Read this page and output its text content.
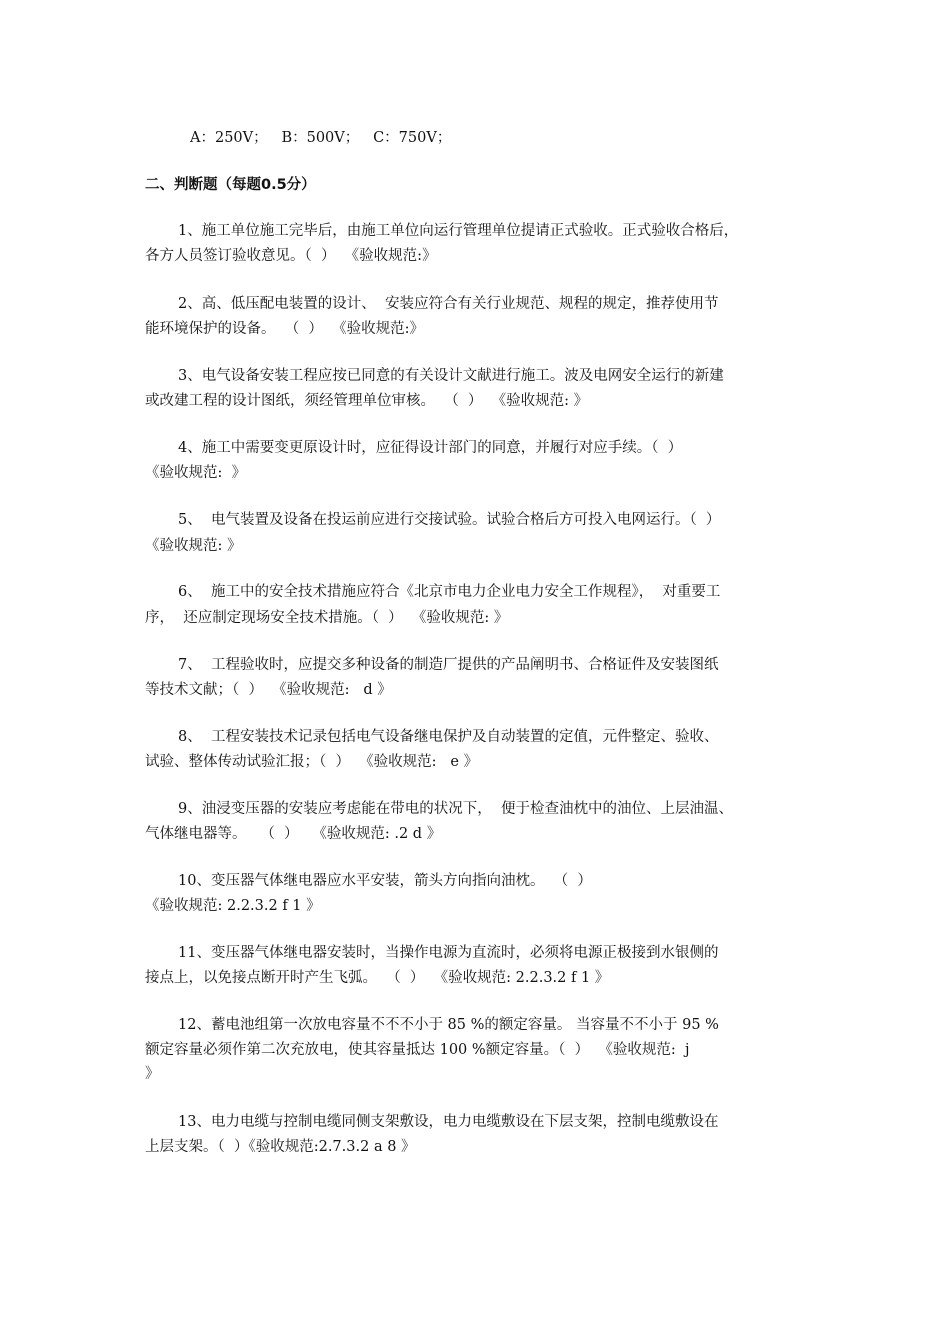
A：250V；   B：500V；   C：750V；
二、判断题（每题0.5分）
1、施工单位施工完毕后，由施工单位向运行管理单位提请正式验收。正式验收合格后，
各方人员签订验收意见。（  ）  《验收规范:》
2、高、低压配电装置的设计、  安装应符合有关行业规范、规程的规定，推荐使用节
能环境保护的设备。  （  ）  《验收规范:》
3、电气设备安装工程应按已同意的有关设计文献进行施工。波及电网安全运行的新建
或改建工程的设计图纸，须经管理单位审核。  （  ）  《验收规范: 》
4、施工中需要变更原设计时，应征得设计部门的同意，并履行对应手续。（  ）
《验收规范:  》
5、  电气装置及设备在投运前应进行交接试验。试验合格后方可投入电网运行。（  ）
《验收规范: 》
6、  施工中的安全技术措施应符合《北京市电力企业电力安全工作规程》，  对重要工
序，  还应制定现场安全技术措施。（  ）  《验收规范: 》
7、  工程验收时，应提交多种设备的制造厂提供的产品阐明书、合格证件及安装图纸
等技术文献；（  ）  《验收规范:   d 》
8、  工程安装技术记录包括电气设备继电保护及自动装置的定值，元件整定、验收、
试验、整体传动试验汇报；（  ）  《验收规范:   e 》
9、油浸变压器的安装应考虑能在带电的状况下，  便于检查油枕中的油位、上层油温、
气体继电器等。   （  ）   《验收规范: .2 d 》
10、变压器气体继电器应水平安装，箭头方向指向油枕。  （  ）
《验收规范: 2.2.3.2 f 1 》
11、变压器气体继电器安装时，当操作电源为直流时，必须将电源正极接到水银侧的
接点上，以免接点断开时产生飞弧。  （  ）  《验收规范: 2.2.3.2 f 1 》
12、蓄电池组第一次放电容量不不不小于 85 %的额定容量。 当容量不不小于 95 %
额定容量必须作第二次充放电，使其容量抵达 100 %额定容量。（  ）  《验收规范:  j
》
13、电力电缆与控制电缆同侧支架敷设，电力电缆敷设在下层支架，控制电缆敷设在
上层支架。（  ）《验收规范:2.7.3.2 a 8 》
